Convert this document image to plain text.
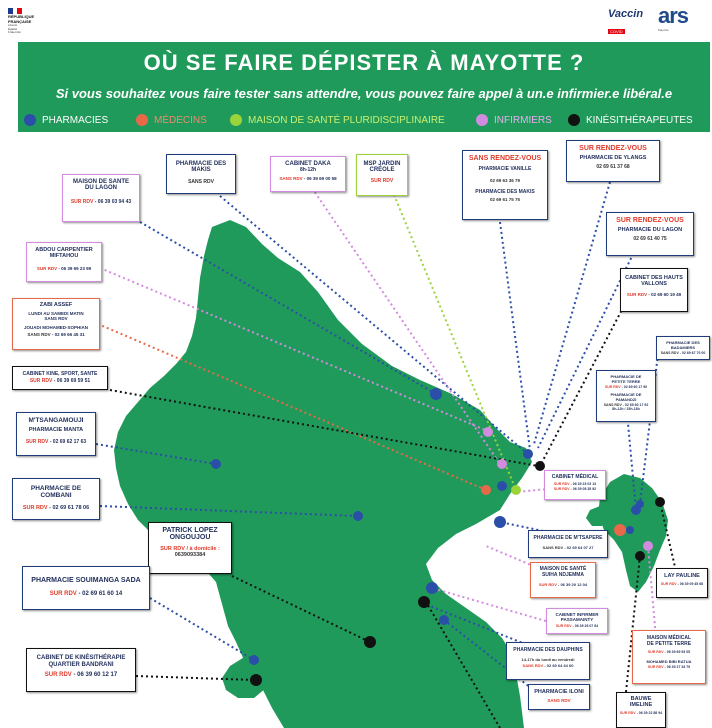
RÉPUBLIQUE
FRANÇAISE
Liberté
Égalité
Fraternité
Vaccin
COVID
ars
Mayotte
OÙ SE FAIRE DÉPISTER À MAYOTTE ?
Si vous souhaitez vous faire tester sans attendre, vous pouvez faire appel à un.e infirmier.e libéral.e
PHARMACIES	MÉDECINS	MAISON DE SANTÉ PLURIDISCIPLINAIRE	INFIRMIERS	KINÉSITHÉRAPEUTES
MAISON DE SANTE
DU LAGON
SUR RDV - 06 39 03 94 43
PHARMACIE DES
MAKIS
SANS RDV
CABINET DAKA
8h-12h
SANS RDV - 06 39 69 00 58
MSP JARDIN
CRÉOLE
SUR RDV
SANS RENDEZ-VOUS
PHARMACIE VANILLE
02 69 63 36 79
PHARMACIE DES MAKIS
02 69 61 75 75
SUR RENDEZ-VOUS
PHARMACIE DE YLANGS
02 69 61 37 68
ABDOU CARPENTIER
MIFTAHOU
SUR RDV - 06 39 69 23 99
SUR RENDEZ-VOUS
PHARMACIE DU LAGON
02 69 61 40 75
ZABI ASSEF
LUNDI AU SAMEDI MATIN
SANS RDV
JOUADI MOHAMED-SOPHIAN
SANS RDV - 02 69 66 45 31
CABINET DES HAUTS
VALLONS
SUR RDV - 02 69 60 19 49
CABINET KINE, SPORT, SANTE
SUR RDV - 06 39 69 59 51
PHARMACIE DES
BADAMIERS
SANS RDV - 02 69 67 70 00
PHARMACIE DE
PETITE TERRE
SUR RDV - 02 69 60 17 90
PHARMACIE DE
PAMANDZI
SANS RDV - 02 69 60 17 92
8h-12h / 15h-18h
M'TSANGAMOUJI
PHARMACIE MANTA
SUR RDV - 02 69 62 17 63
CABINET MÉDICAL
SUR RDV - 06 39 23 03 13
SUR RDV - 06 39 08 35 92
PHARMACIE DE
COMBANI
SUR RDV - 02 69 61 78 06
PATRICK LOPEZ
ONGOUJOU
SUR RDV / à domicile :
0639093384
PHARMACIE DE M'TSAPERE
SANS RDV - 02 69 64 07 27
MAISON DE SANTÉ
SUIHA NDJEMMA
SUR RDV - 06 39 20 12 04
LAY PAULINE
SUR RDV - 06 39 09 45 68
PHARMACIE SOUIMANGA SADA
SUR RDV - 02 69 61 60 14
CABINET INFIRMER
PASSAMAINTY
SUR RDV - 06 39 26 07 84
PHARMACIE DES DAUPHINS
14-17h du lundi au vendredi
SANS RDV - 02 69 64 64 60
MAISON MÉDICAL
DE PETITE TERRE
SUR RDV - 06 39 69 93 05
MOHAMED BIBI RATUA
SUR RDV - 06 39 27 33 79
CABINET DE KINÉSITHÉRAPIE
QUARTIER BANDRANI
SUR RDV - 06 39 60 12 17
PHARMACIE ILONI
SANS RDV	BAUWE
IMELINE
SUR RDV - 06 39 22 88 94
